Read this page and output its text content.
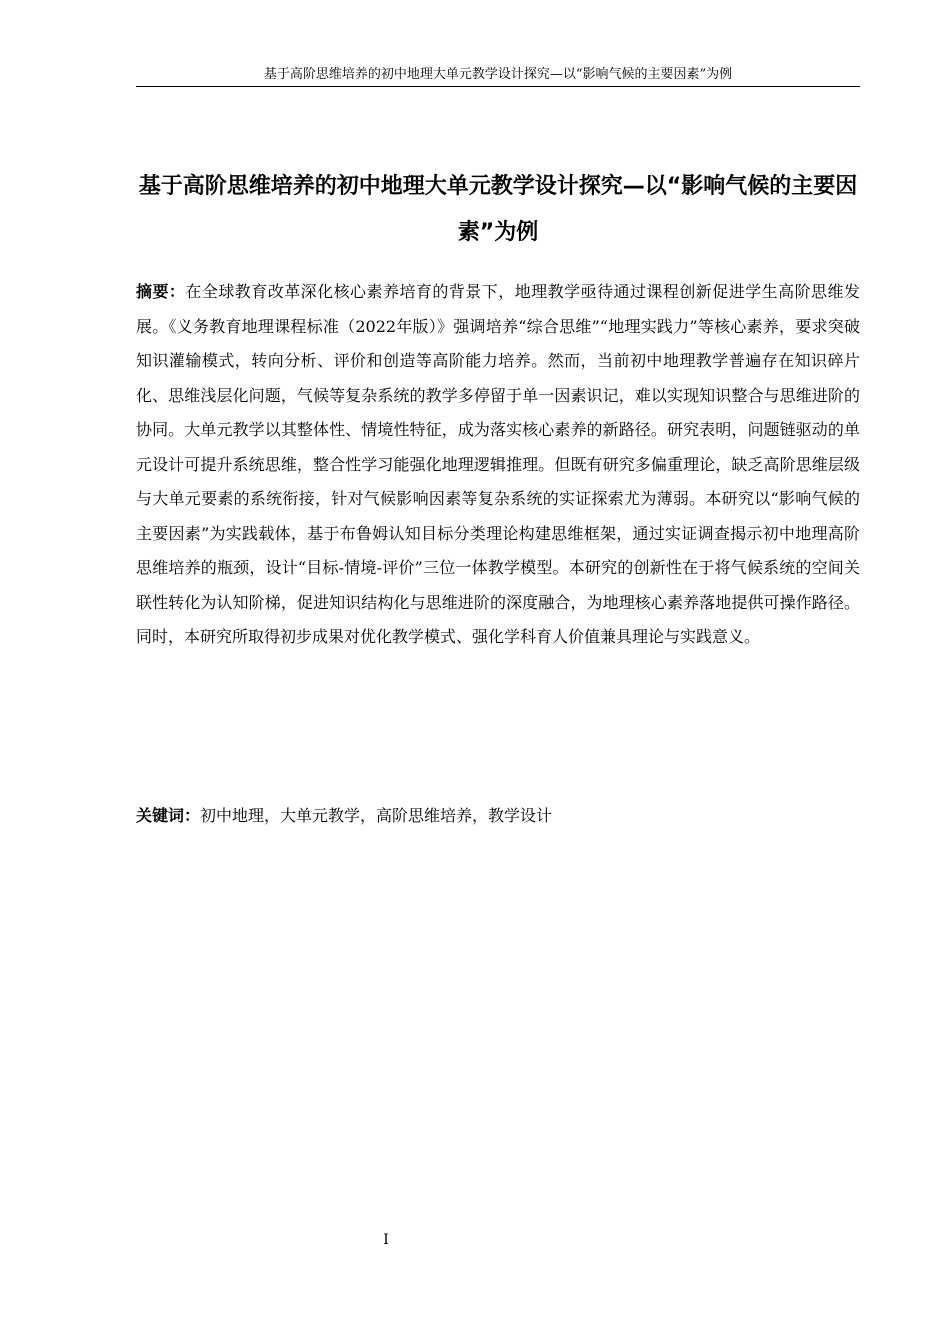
基于高阶思维培养的初中地理大单元教学设计探究—以“影响气候的主要因素”为例
基于高阶思维培养的初中地理大单元教学设计探究—以“影响气候的主要因素”为例

摘要：在全球教育改革深化核心素养培育的背景下，地理教学亟待通过课程创新促进学生高阶思维发展。《义务教育地理课程标准（2022年版）》强调培养“综合思维”“地理实践力”等核心素养，要求突破知识灌输模式，转向分析、评价和创造等高阶能力培养。然而，当前初中地理教学普遍存在知识碎片化、思维浅层化问题，气候等复杂系统的教学多停留于单一因素识记，难以实现知识整合与思维进阶的协同。大单元教学以其整体性、情境性特征，成为落实核心素养的新路径。研究表明，问题链驱动的单元设计可提升系统思维，整合性学习能强化地理逻辑推理。但既有研究多偏重理论，缺乏高阶思维层级与大单元要素的系统衔接，针对气候影响因素等复杂系统的实证探索尤为薄弱。本研究以“影响气候的主要因素”为实践载体，基于布鲁姆认知目标分类理论构建思维框架，通过实证调查揭示初中地理高阶思维培养的瓶颈，设计“目标-情境-评价”三位一体教学模型。本研究的创新性在于将气候系统的空间关联性转化为认知阶梯，促进知识结构化与思维进阶的深度融合，为地理核心素养落地提供可操作路径。同时，本研究所取得初步成果对优化教学模式、强化学科育人价值兼具理论与实践意义。

关键词：初中地理，大单元教学，高阶思维培养，教学设计

I
